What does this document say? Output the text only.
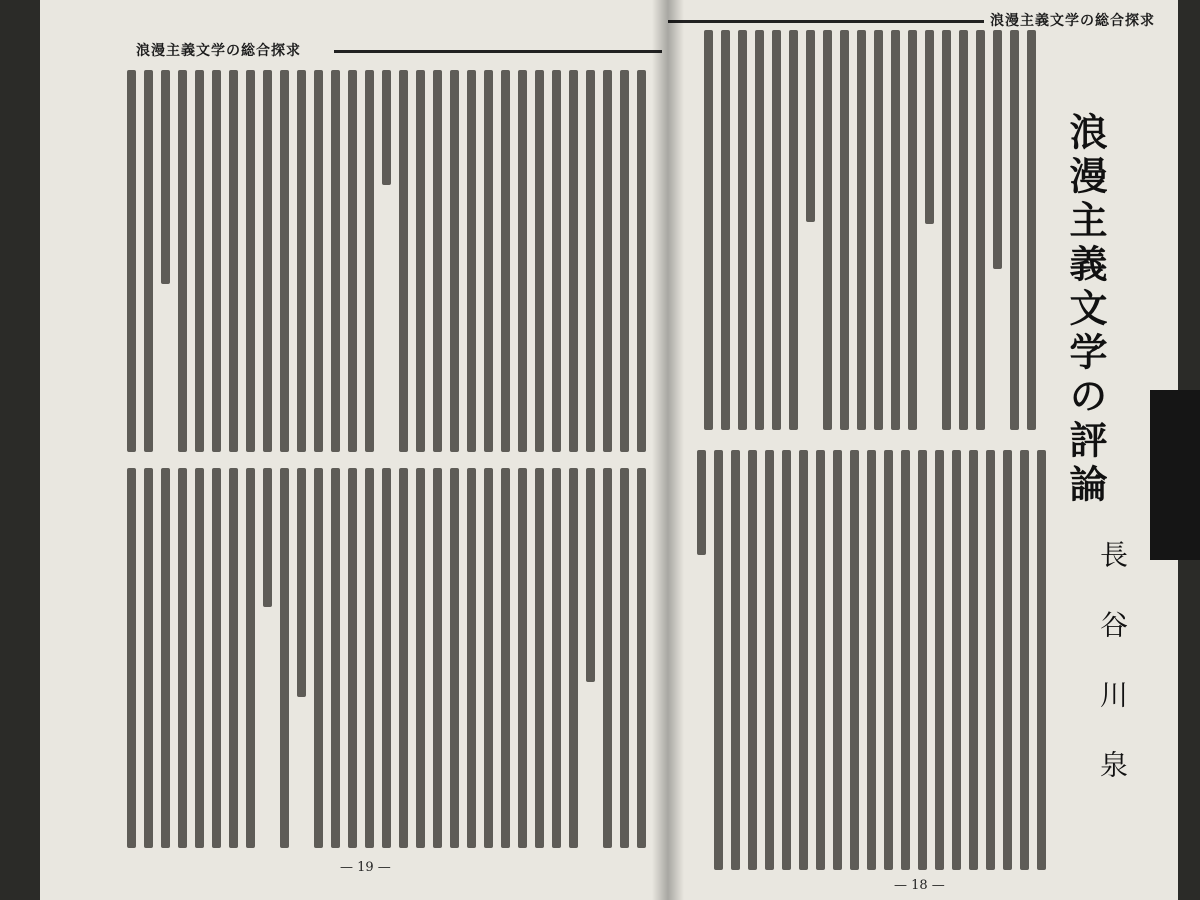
浪漫主義文学の総合探求
— 19 —
浪漫主義文学の総合探求
浪漫主義文学の評論
長谷川泉
— 18 —
